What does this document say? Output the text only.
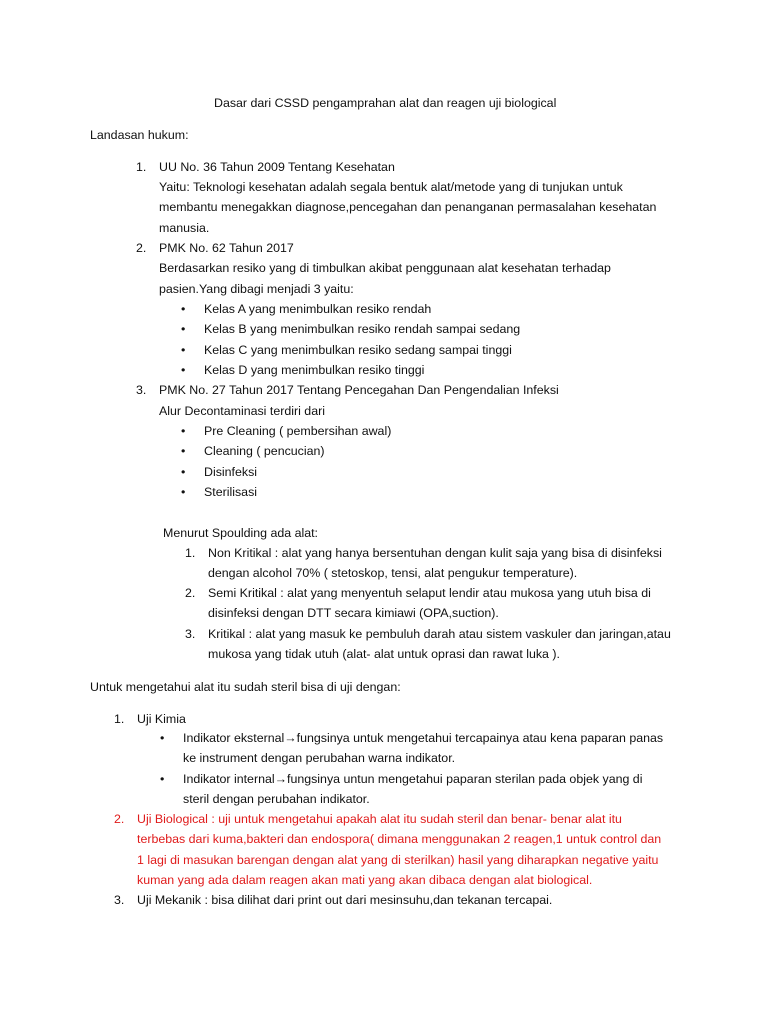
Dasar dari CSSD pengamprahan alat dan reagen uji biological
Landasan hukum:
1. UU No. 36 Tahun 2009 Tentang Kesehatan
Yaitu: Teknologi kesehatan adalah segala bentuk alat/metode yang di tunjukan untuk
membantu menegakkan diagnose,pencegahan dan penanganan permasalahan kesehatan
manusia.
2. PMK No. 62 Tahun 2017
Berdasarkan resiko yang di timbulkan akibat penggunaan alat kesehatan terhadap
pasien.Yang dibagi menjadi 3 yaitu:
• Kelas A yang menimbulkan resiko rendah
• Kelas B yang menimbulkan resiko rendah sampai sedang
• Kelas C yang menimbulkan resiko sedang sampai tinggi
• Kelas D yang menimbulkan resiko tinggi
3. PMK No. 27 Tahun 2017 Tentang Pencegahan Dan Pengendalian Infeksi
Alur Decontaminasi terdiri dari
• Pre Cleaning ( pembersihan awal)
• Cleaning ( pencucian)
• Disinfeksi
• Sterilisasi
Menurut Spoulding ada alat:
1. Non Kritikal : alat yang hanya bersentuhan dengan kulit saja yang bisa di disinfeksi
dengan alcohol 70% ( stetoskop, tensi, alat pengukur temperature).
2. Semi Kritikal : alat yang menyentuh selaput lendir atau mukosa yang utuh bisa di
disinfeksi dengan DTT secara kimiawi (OPA,suction).
3. Kritikal : alat yang masuk ke pembuluh darah atau sistem vaskuler dan jaringan,atau
mukosa yang tidak utuh (alat- alat untuk oprasi dan rawat luka ).
Untuk mengetahui alat itu sudah steril bisa di uji dengan:
1. Uji Kimia
• Indikator eksternal→fungsinya untuk mengetahui tercapainya atau kena paparan panas
ke instrument dengan perubahan warna indikator.
• Indikator internal→fungsinya untun mengetahui paparan sterilan pada objek yang di
steril dengan perubahan indikator.
2. Uji Biological : uji untuk mengetahui apakah alat itu sudah steril dan benar- benar alat itu
terbebas dari kuma,bakteri dan endospora( dimana menggunakan 2 reagen,1 untuk control dan
1 lagi di masukan barengan dengan alat yang di sterilkan) hasil yang diharapkan negative yaitu
kuman yang ada dalam reagen akan mati yang akan dibaca dengan alat biological.
3. Uji Mekanik : bisa dilihat dari print out dari mesinsuhu,dan tekanan tercapai.
